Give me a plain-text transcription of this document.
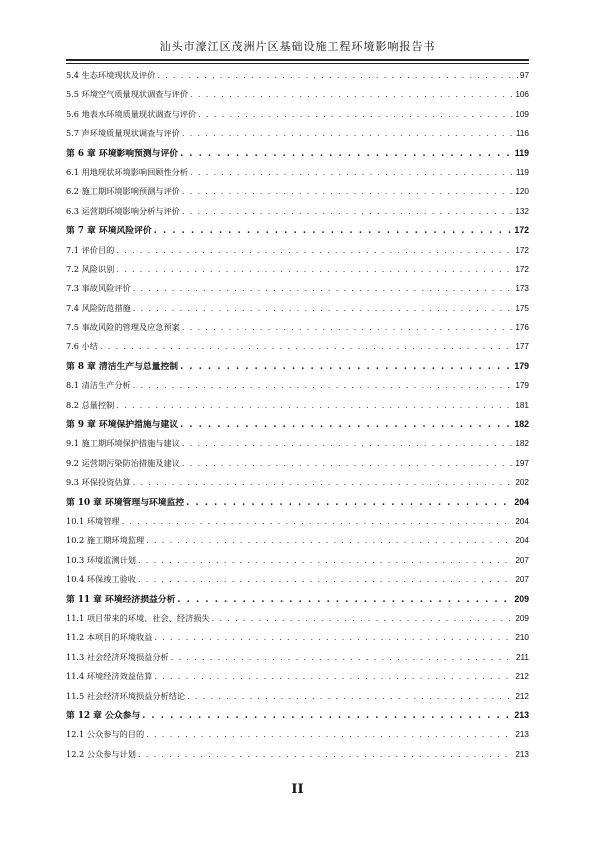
汕头市濠江区茂洲片区基础设施工程环境影响报告书
5.4 生态环境现状及评价 . . .	97
5.5 环境空气质量现状调查与评价 . . .	106
5.6 地表水环境质量现状调查与评价 . . .	109
5.7 声环境质量现状调查与评价 . . .	116
第 6 章 环境影响预测与评价 . . .	119
6.1 用地现状环境影响回顾性分析 . . .	119
6.2 施工期环境影响预测与评价 . . .	120
6.3 运营期环境影响分析与评价 . . .	132
第 7 章 环境风险评价 . . .	172
7.1 评价目的 . . .	172
7.2 风险识别 . . .	172
7.3 事故风险评价 . . .	173
7.4 风险防范措施 . . .	175
7.5 事故风险的管理及应急预案 . . .	176
7.6 小结 . . .	177
第 8 章 清洁生产与总量控制 . . .	179
8.1 清洁生产分析 . . .	179
8.2 总量控制 . . .	181
第 9 章 环境保护措施与建议 . . .	182
9.1 施工期环境保护措施与建议 . . .	182
9.2 运营期污染防治措施及建议 . . .	197
9.3 环保投资估算 . . .	202
第 10 章 环境管理与环境监控 . . .	204
10.1 环境管理 . . .	204
10.2 施工期环境监理 . . .	204
10.3 环境监测计划 . . .	207
10.4 环保竣工验收 . . .	207
第 11 章 环境经济损益分析 . . .	209
11.1 项目带来的环境、社会、经济损失 . . .	209
11.2 本项目的环境收益 . . .	210
11.3 社会经济环境损益分析 . . .	211
11.4 环境经济效益估算 . . .	212
11.5 社会经济环境损益分析结论 . . .	212
第 12 章 公众参与 . . .	213
12.1 公众参与的目的 . . .	213
12.2 公众参与计划 . . .	213
II
